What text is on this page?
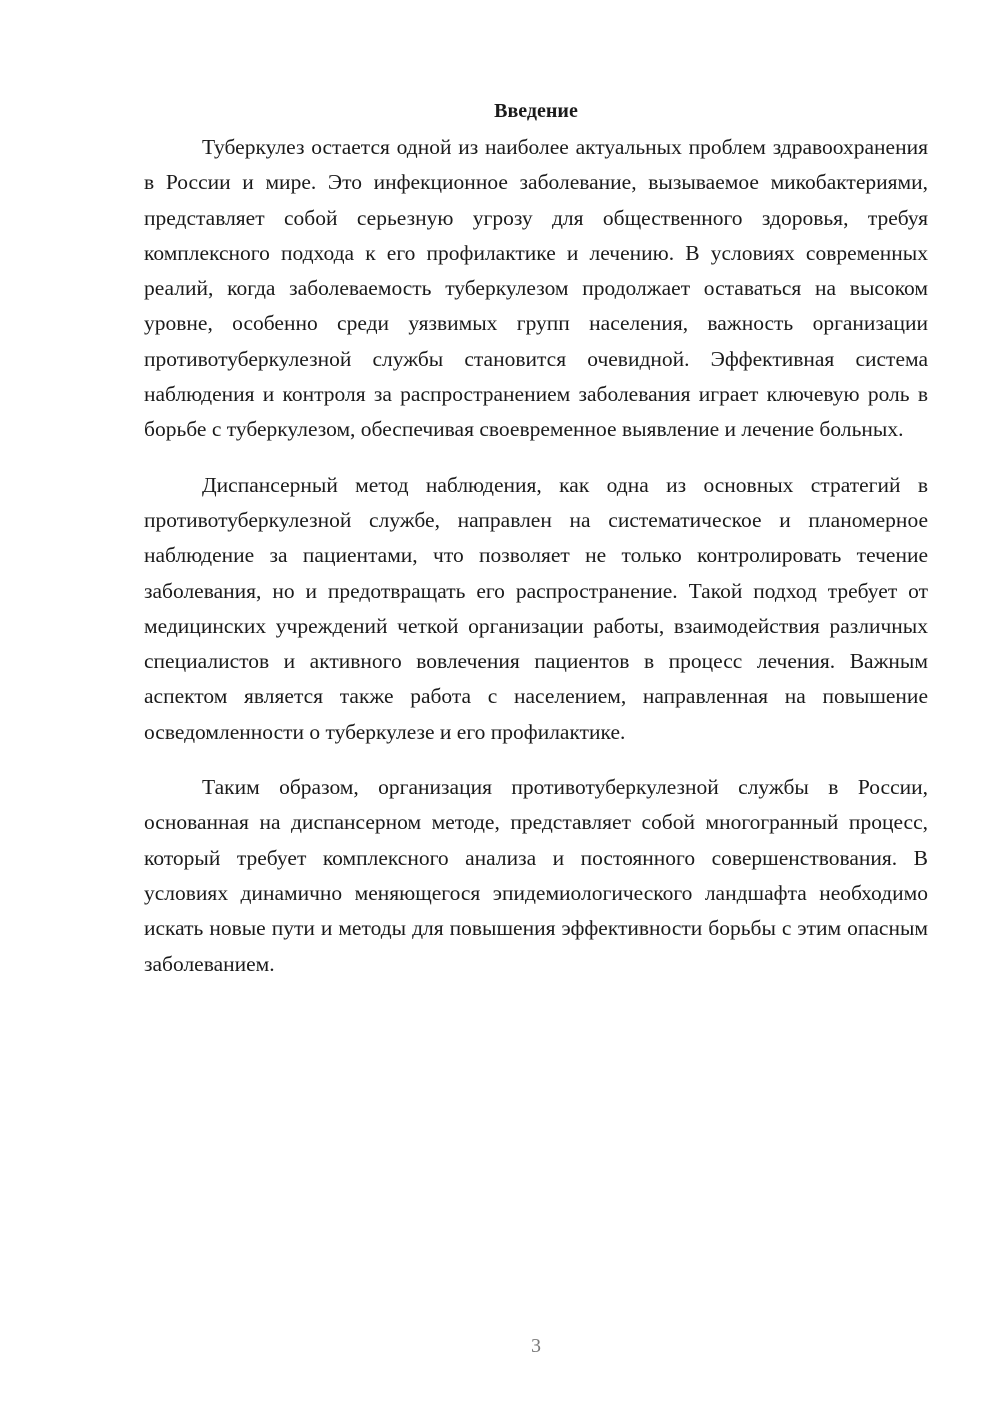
Введение

Туберкулез остается одной из наиболее актуальных проблем здравоохранения в России и мире. Это инфекционное заболевание, вызываемое микобактериями, представляет собой серьезную угрозу для общественного здоровья, требуя комплексного подхода к его профилактике и лечению. В условиях современных реалий, когда заболеваемость туберкулезом продолжает оставаться на высоком уровне, особенно среди уязвимых групп населения, важность организации противотуберкулезной службы становится очевидной. Эффективная система наблюдения и контроля за распространением заболевания играет ключевую роль в борьбе с туберкулезом, обеспечивая своевременное выявление и лечение больных.

Диспансерный метод наблюдения, как одна из основных стратегий в противотуберкулезной службе, направлен на систематическое и планомерное наблюдение за пациентами, что позволяет не только контролировать течение заболевания, но и предотвращать его распространение. Такой подход требует от медицинских учреждений четкой организации работы, взаимодействия различных специалистов и активного вовлечения пациентов в процесс лечения. Важным аспектом является также работа с населением, направленная на повышение осведомленности о туберкулезе и его профилактике.

Таким образом, организация противотуберкулезной службы в России, основанная на диспансерном методе, представляет собой многогранный процесс, который требует комплексного анализа и постоянного совершенствования. В условиях динамично меняющегося эпидемиологического ландшафта необходимо искать новые пути и методы для повышения эффективности борьбы с этим опасным заболеванием.

3
